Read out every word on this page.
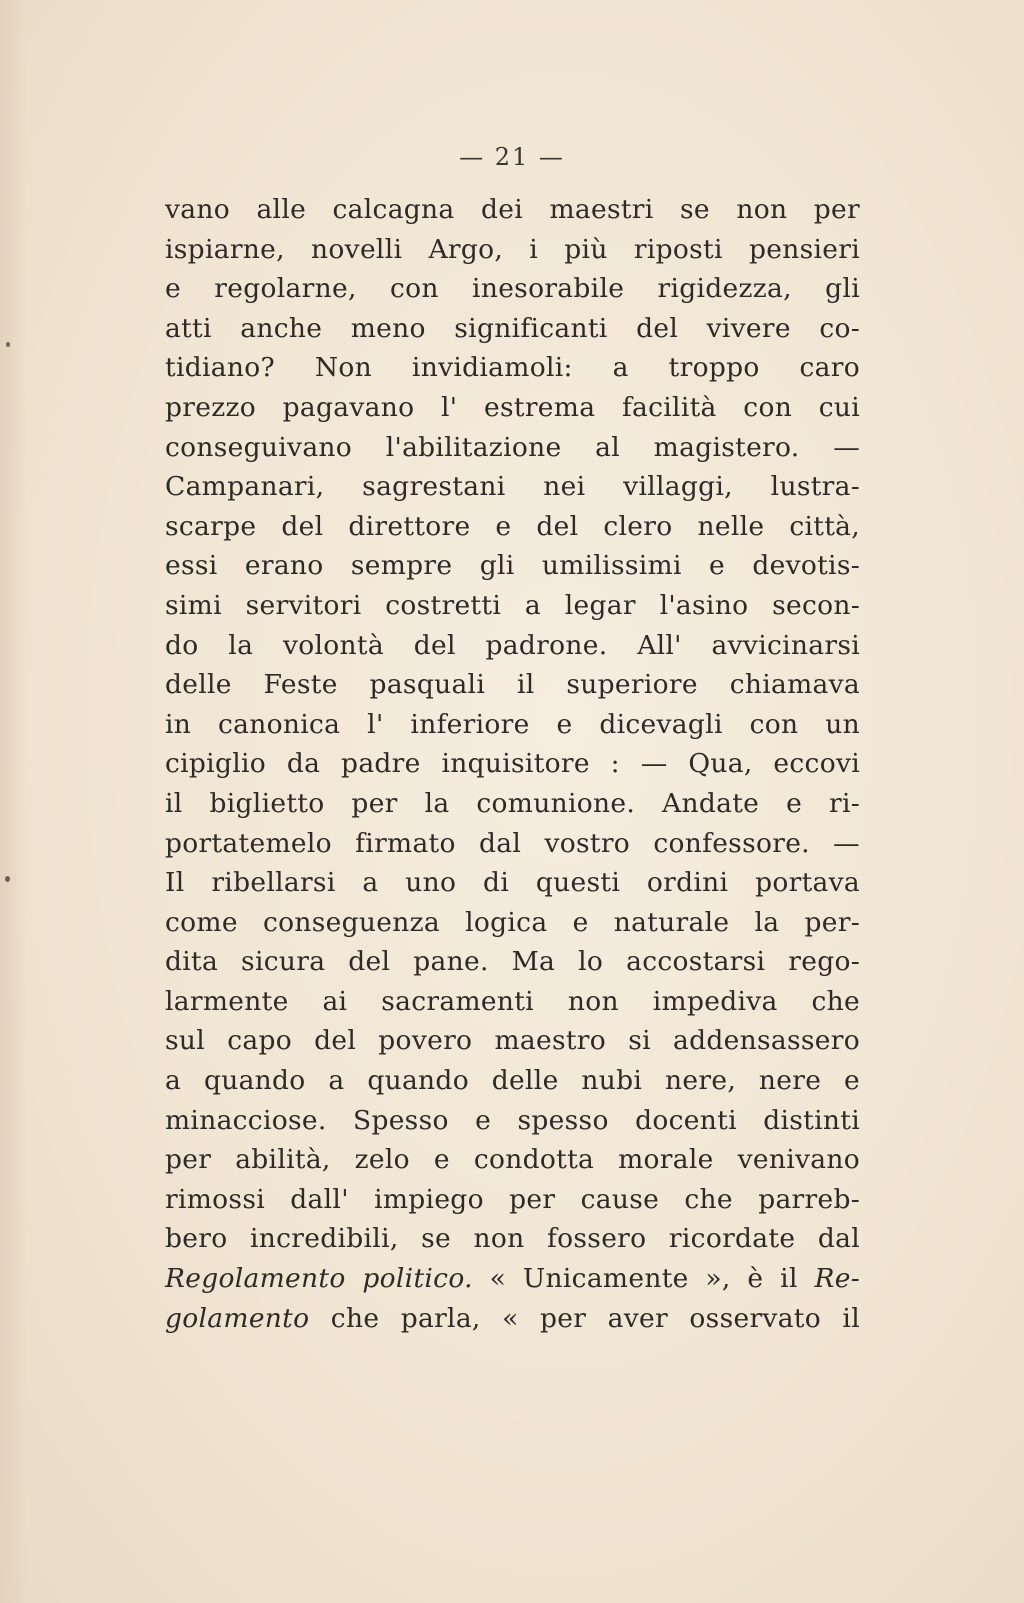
— 21 —
vano alle calcagna dei maestri se non per
ispiarne, novelli Argo, i più riposti pensieri
e regolarne, con inesorabile rigidezza, gli
atti anche meno significanti del vivere co-
tidiano? Non invidiamoli: a troppo caro
prezzo pagavano l' estrema facilità con cui
conseguivano l'abilitazione al magistero. —
Campanari, sagrestani nei villaggi, lustra-
scarpe del direttore e del clero nelle città,
essi erano sempre gli umilissimi e devotis-
simi servitori costretti a legar l'asino secon-
do la volontà del padrone. All' avvicinarsi
delle Feste pasquali il superiore chiamava
in canonica l' inferiore e dicevagli con un
cipiglio da padre inquisitore : — Qua, eccovi
il biglietto per la comunione. Andate e ri-
portatemelo firmato dal vostro confessore. —
Il ribellarsi a uno di questi ordini portava
come conseguenza logica e naturale la per-
dita sicura del pane. Ma lo accostarsi rego-
larmente ai sacramenti non impediva che
sul capo del povero maestro si addensassero
a quando a quando delle nubi nere, nere e
minacciose. Spesso e spesso docenti distinti
per abilità, zelo e condotta morale venivano
rimossi dall' impiego per cause che parreb-
bero incredibili, se non fossero ricordate dal
Regolamento politico. « Unicamente », è il Re-
golamento che parla, « per aver osservato il
